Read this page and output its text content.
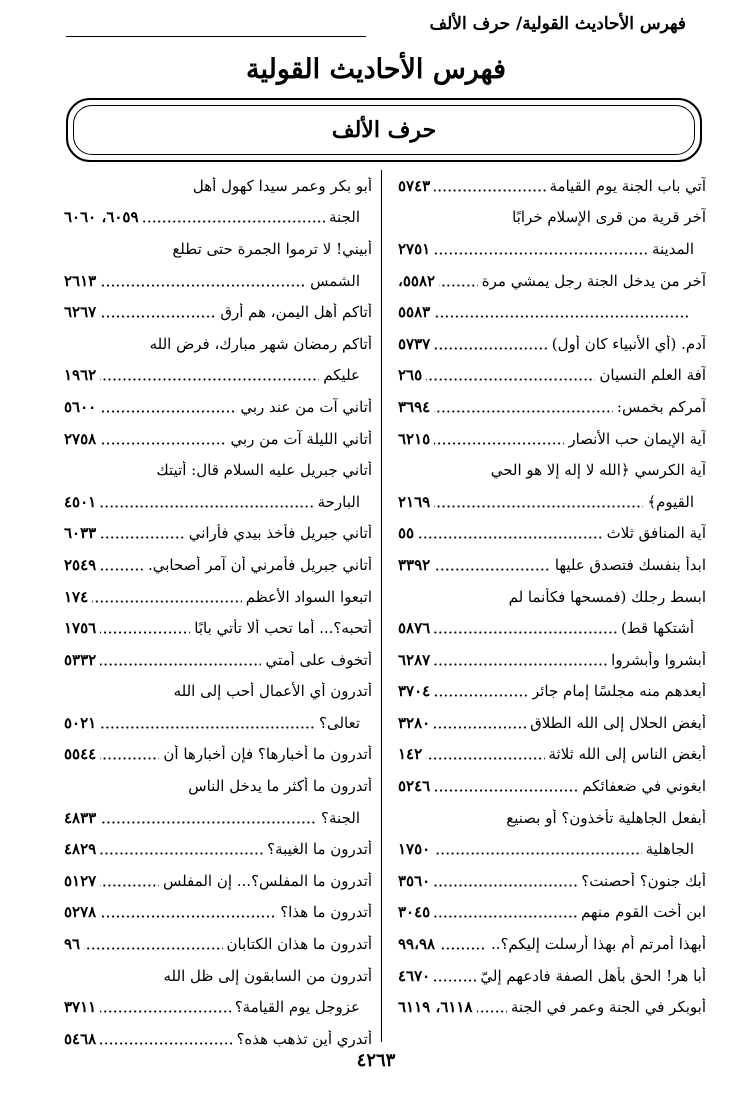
فهرس الأحاديث القولية/ حرف الألف
فهرس الأحاديث القولية
حرف الألف
آتي باب الجنة يوم القيامة
٥٧٤٣
آخر قرية من قرى الإسلام خرابًا
المدينة
٢٧٥١
آخر من يدخل الجنة رجل يمشي مرة
٥٥٨٢،
٥٥٨٣
آدم. (أي الأنبياء كان أول)
٥٧٣٧
آفة العلم النسيان
٢٦٥
آمركم بخمس:
٣٦٩٤
آية الإيمان حب الأنصار
٦٢١٥
آية الكرسي ﴿الله لا إله إلا هو الحي
القيوم﴾
٢١٦٩
آية المنافق ثلاث
٥٥
ابدأ بنفسك فتصدق عليها
٣٣٩٢
ابسط رجلك (فمسحها فكأنما لم
أشتكها قط)
٥٨٧٦
أبشروا وأبشروا
٦٢٨٧
أبعدهم منه مجلسًا إمام جائر
٣٧٠٤
أبغض الحلال إلى الله الطلاق
٣٢٨٠
أبغض الناس إلى الله ثلاثة
١٤٢
ابغوني في ضعفائكم
٥٢٤٦
أبفعل الجاهلية تأخذون؟ أو بصنيع
الجاهلية
١٧٥٠
أبك جنون؟ أحصنت؟
٣٥٦٠
ابن أخت القوم منهم
٣٠٤٥
أبهذا أمرتم أم بهذا أرسلت إليكم؟..
٩٩،٩٨
أبا هر! الحق بأهل الصفة فادعهم إليّ
٤٦٧٠
أبوبكر في الجنة وعمر في الجنة
٦١١٨، ٦١١٩
أبو بكر وعمر سيدا كهول أهل
الجنة
٦٠٥٩، ٦٠٦٠
أبيني! لا ترموا الجمرة حتى تطلع
الشمس
٢٦١٣
أتاكم أهل اليمن، هم أرق
٦٢٦٧
أتاكم رمضان شهر مبارك، فرض الله
عليكم
١٩٦٢
أتاني آت من عند ربي
٥٦٠٠
أتاني الليلة آت من ربي
٢٧٥٨
أتاني جبريل عليه السلام قال: أتيتك
البارحة
٤٥٠١
أتاني جبريل فأخذ بيدي فأراني
٦٠٣٣
أتاني جبريل فأمرني أن آمر أصحابي.
٢٥٤٩
اتبعوا السواد الأعظم
١٧٤
أتحبه؟... أما تحب ألا تأتي بابًا
١٧٥٦
أتخوف على أمتي
٥٣٣٢
أتدرون أي الأعمال أحب إلى الله
تعالى؟
٥٠٢١
أتدرون ما أخبارها؟ فإن أخبارها أن
٥٥٤٤
أتدرون ما أكثر ما يدخل الناس
الجنة؟
٤٨٣٣
أتدرون ما الغيبة؟
٤٨٢٩
أتدرون ما المفلس؟... إن المفلس
٥١٢٧
أتدرون ما هذا؟
٥٢٧٨
أتدرون ما هذان الكتابان
٩٦
أتدرون من السابقون إلى ظل الله
عزوجل يوم القيامة؟
٣٧١١
أتدري أين تذهب هذه؟
٥٤٦٨
٤٢٦٣
